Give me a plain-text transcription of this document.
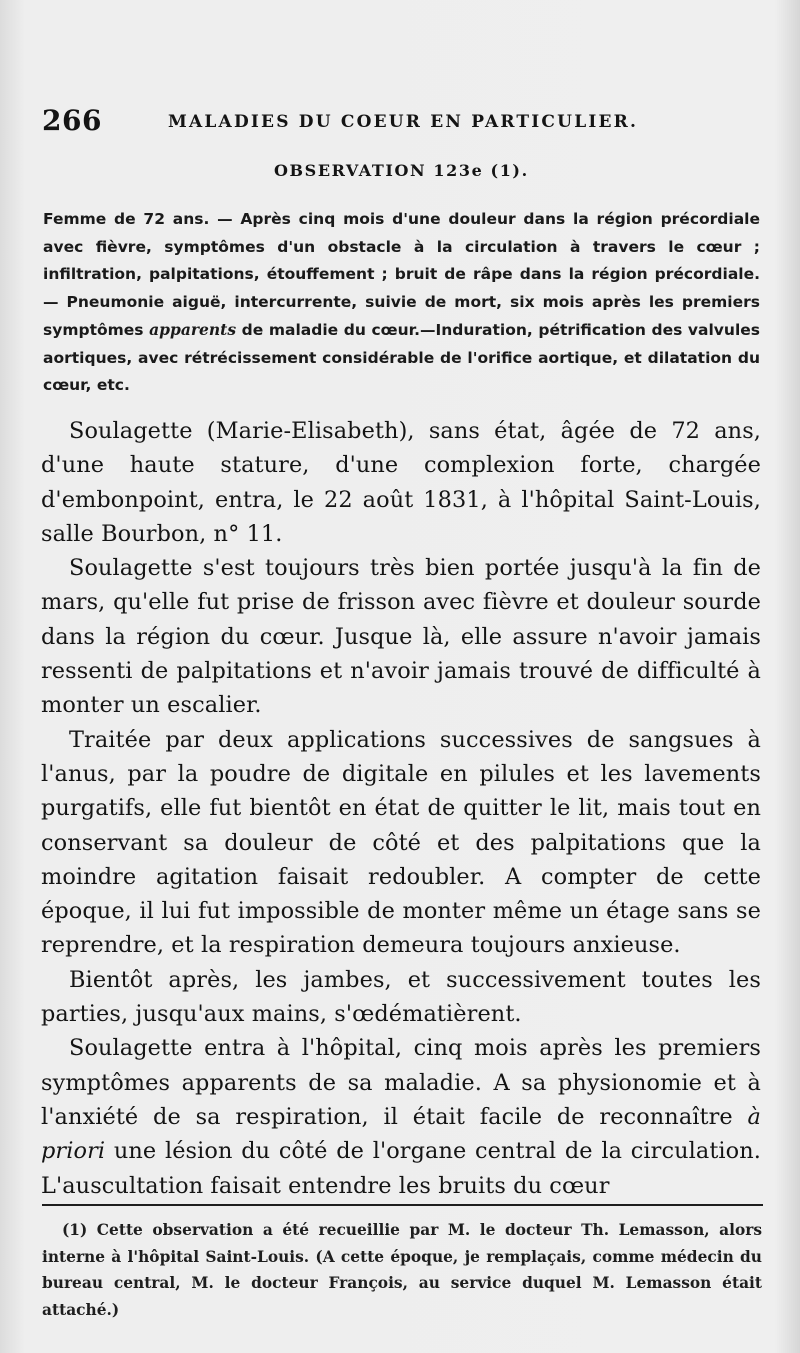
266	MALADIES DU COEUR EN PARTICULIER.
OBSERVATION 123e (1).
Femme de 72 ans. — Après cinq mois d'une douleur dans la région précordiale avec fièvre, symptômes d'un obstacle à la circulation à travers le cœur ; infiltration, palpitations, étouffement ; bruit de râpe dans la région précordiale. — Pneumonie aiguë, intercurrente, suivie de mort, six mois après les premiers symptômes apparents de maladie du cœur.—Induration, pétrification des valvules aortiques, avec rétrécissement considérable de l'orifice aortique, et dilatation du cœur, etc.

Soulagette (Marie-Elisabeth), sans état, âgée de 72 ans, d'une haute stature, d'une complexion forte, chargée d'embonpoint, entra, le 22 août 1831, à l'hôpital Saint-Louis, salle Bourbon, n° 11.

Soulagette s'est toujours très bien portée jusqu'à la fin de mars, qu'elle fut prise de frisson avec fièvre et douleur sourde dans la région du cœur. Jusque là, elle assure n'avoir jamais ressenti de palpitations et n'avoir jamais trouvé de difficulté à monter un escalier.

Traitée par deux applications successives de sangsues à l'anus, par la poudre de digitale en pilules et les lavements purgatifs, elle fut bientôt en état de quitter le lit, mais tout en conservant sa douleur de côté et des palpitations que la moindre agitation faisait redoubler. A compter de cette époque, il lui fut impossible de monter même un étage sans se reprendre, et la respiration demeura toujours anxieuse.

Bientôt après, les jambes, et successivement toutes les parties, jusqu'aux mains, s'œdématièrent.

Soulagette entra à l'hôpital, cinq mois après les premiers symptômes apparents de sa maladie. A sa physionomie et à l'anxiété de sa respiration, il était facile de reconnaître à priori une lésion du côté de l'organe central de la circulation. L'auscultation faisait entendre les bruits du cœur

(1) Cette observation a été recueillie par M. le docteur Th. Lemasson, alors interne à l'hôpital Saint-Louis. (A cette époque, je remplaçais, comme médecin du bureau central, M. le docteur François, au service duquel M. Lemasson était attaché.)
